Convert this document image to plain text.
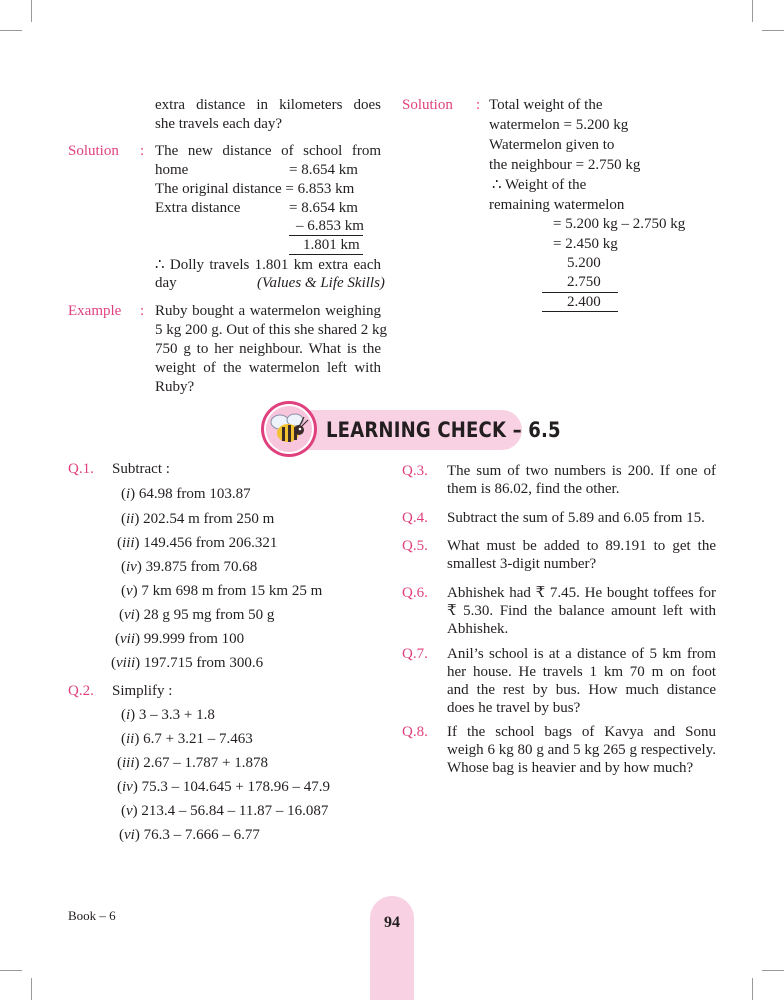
extra distance in kilometers does
she travels each day?
Solution : The new distance of school from
home	= 8.654 km
The original distance = 6.853 km
Extra distance	= 8.654 km
– 6.853 km
1.801 km
∴ Dolly travels 1.801 km extra each
day	(Values & Life Skills)
Example : Ruby bought a watermelon weighing
5 kg 200 g. Out of this she shared 2 kg
750 g to her neighbour. What is the
weight of the watermelon left with
Ruby?
Solution : Total weight of the
watermelon = 5.200 kg
Watermelon given to
the neighbour = 2.750 kg
∴ Weight of the
remaining watermelon
= 5.200 kg – 2.750 kg
= 2.450 kg
5.200
2.750
2.400
LEARNING CHECK – 6.5
Q.1. Subtract :
(i) 64.98 from 103.87
(ii) 202.54 m from 250 m
(iii) 149.456 from 206.321
(iv) 39.875 from 70.68
(v) 7 km 698 m from 15 km 25 m
(vi) 28 g 95 mg from 50 g
(vii) 99.999 from 100
(viii) 197.715 from 300.6
Q.2. Simplify :
(i) 3 – 3.3 + 1.8
(ii) 6.7 + 3.21 – 7.463
(iii) 2.67 – 1.787 + 1.878
(iv) 75.3 – 104.645 + 178.96 – 47.9
(v) 213.4 – 56.84 – 11.87 – 16.087
(vi) 76.3 – 7.666 – 6.77
Q.3. The sum of two numbers is 200. If one of
them is 86.02, find the other.
Q.4. Subtract the sum of 5.89 and 6.05 from 15.
Q.5. What must be added to 89.191 to get the
smallest 3-digit number?
Q.6. Abhishek had ₹ 7.45. He bought toffees for
₹ 5.30. Find the balance amount left with
Abhishek.
Q.7. Anil’s school is at a distance of 5 km from
her house. He travels 1 km 70 m on foot
and the rest by bus. How much distance
does he travel by bus?
Q.8. If the school bags of Kavya and Sonu
weigh 6 kg 80 g and 5 kg 265 g respectively.
Whose bag is heavier and by how much?
Book – 6	94
